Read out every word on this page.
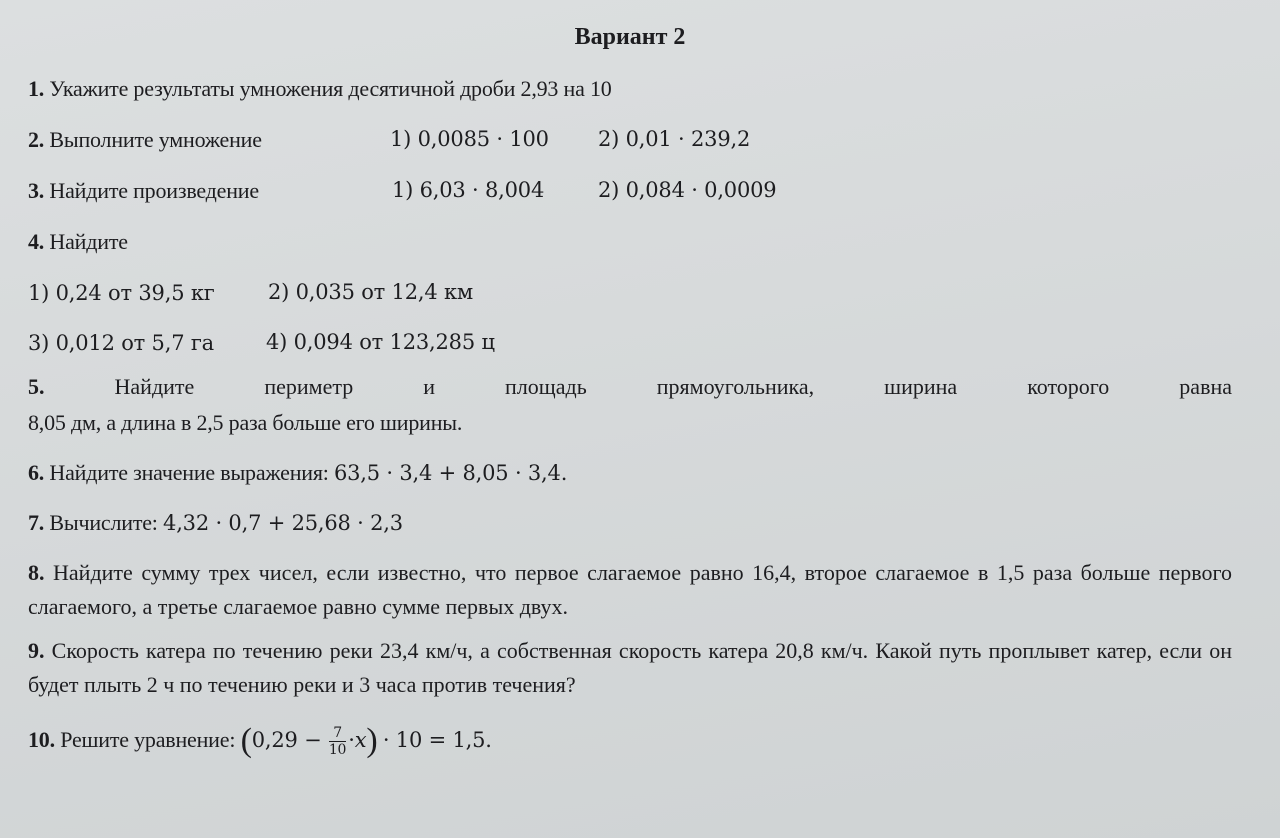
Вариант 2
1. Укажите результаты умножения десятичной дроби 2,93 на 10
2. Выполните умножение	1) 0,0085 · 100 2) 0,01 · 239,2
3. Найдите произведение	1) 6,03 · 8,004	2) 0,084 · 0,0009
4. Найдите
1) 0,24 от 39,5 кг	2) 0,035 от 12,4 км
3) 0,012 от 5,7 га 4) 0,094 от 123,285 ц
5.	Найдите периметр и площадь прямоугольника, ширина которого равна
8,05 дм, а длина в 2,5 раза больше его ширины.
6. Найдите значение выражения: 63,5 · 3,4 + 8,05 · 3,4.
7. Вычислите: 4,32 · 0,7 + 25,68 · 2,3
8. Найдите сумму трех чисел, если известно, что первое слагаемое равно 16,4, второе слагаемое в 1,5 раза больше первого слагаемого, а третье слагаемое равно сумме первых двух.
9. Скорость катера по течению реки 23,4 км/ч, а собственная скорость катера 20,8 км/ч. Какой путь проплывет катер, если он будет плыть 2 ч по течению реки и 3 часа против течения?
10. Решите уравнение: $(0,29 - \frac{7}{10} \cdot x) \cdot 10 = 1,5$.
